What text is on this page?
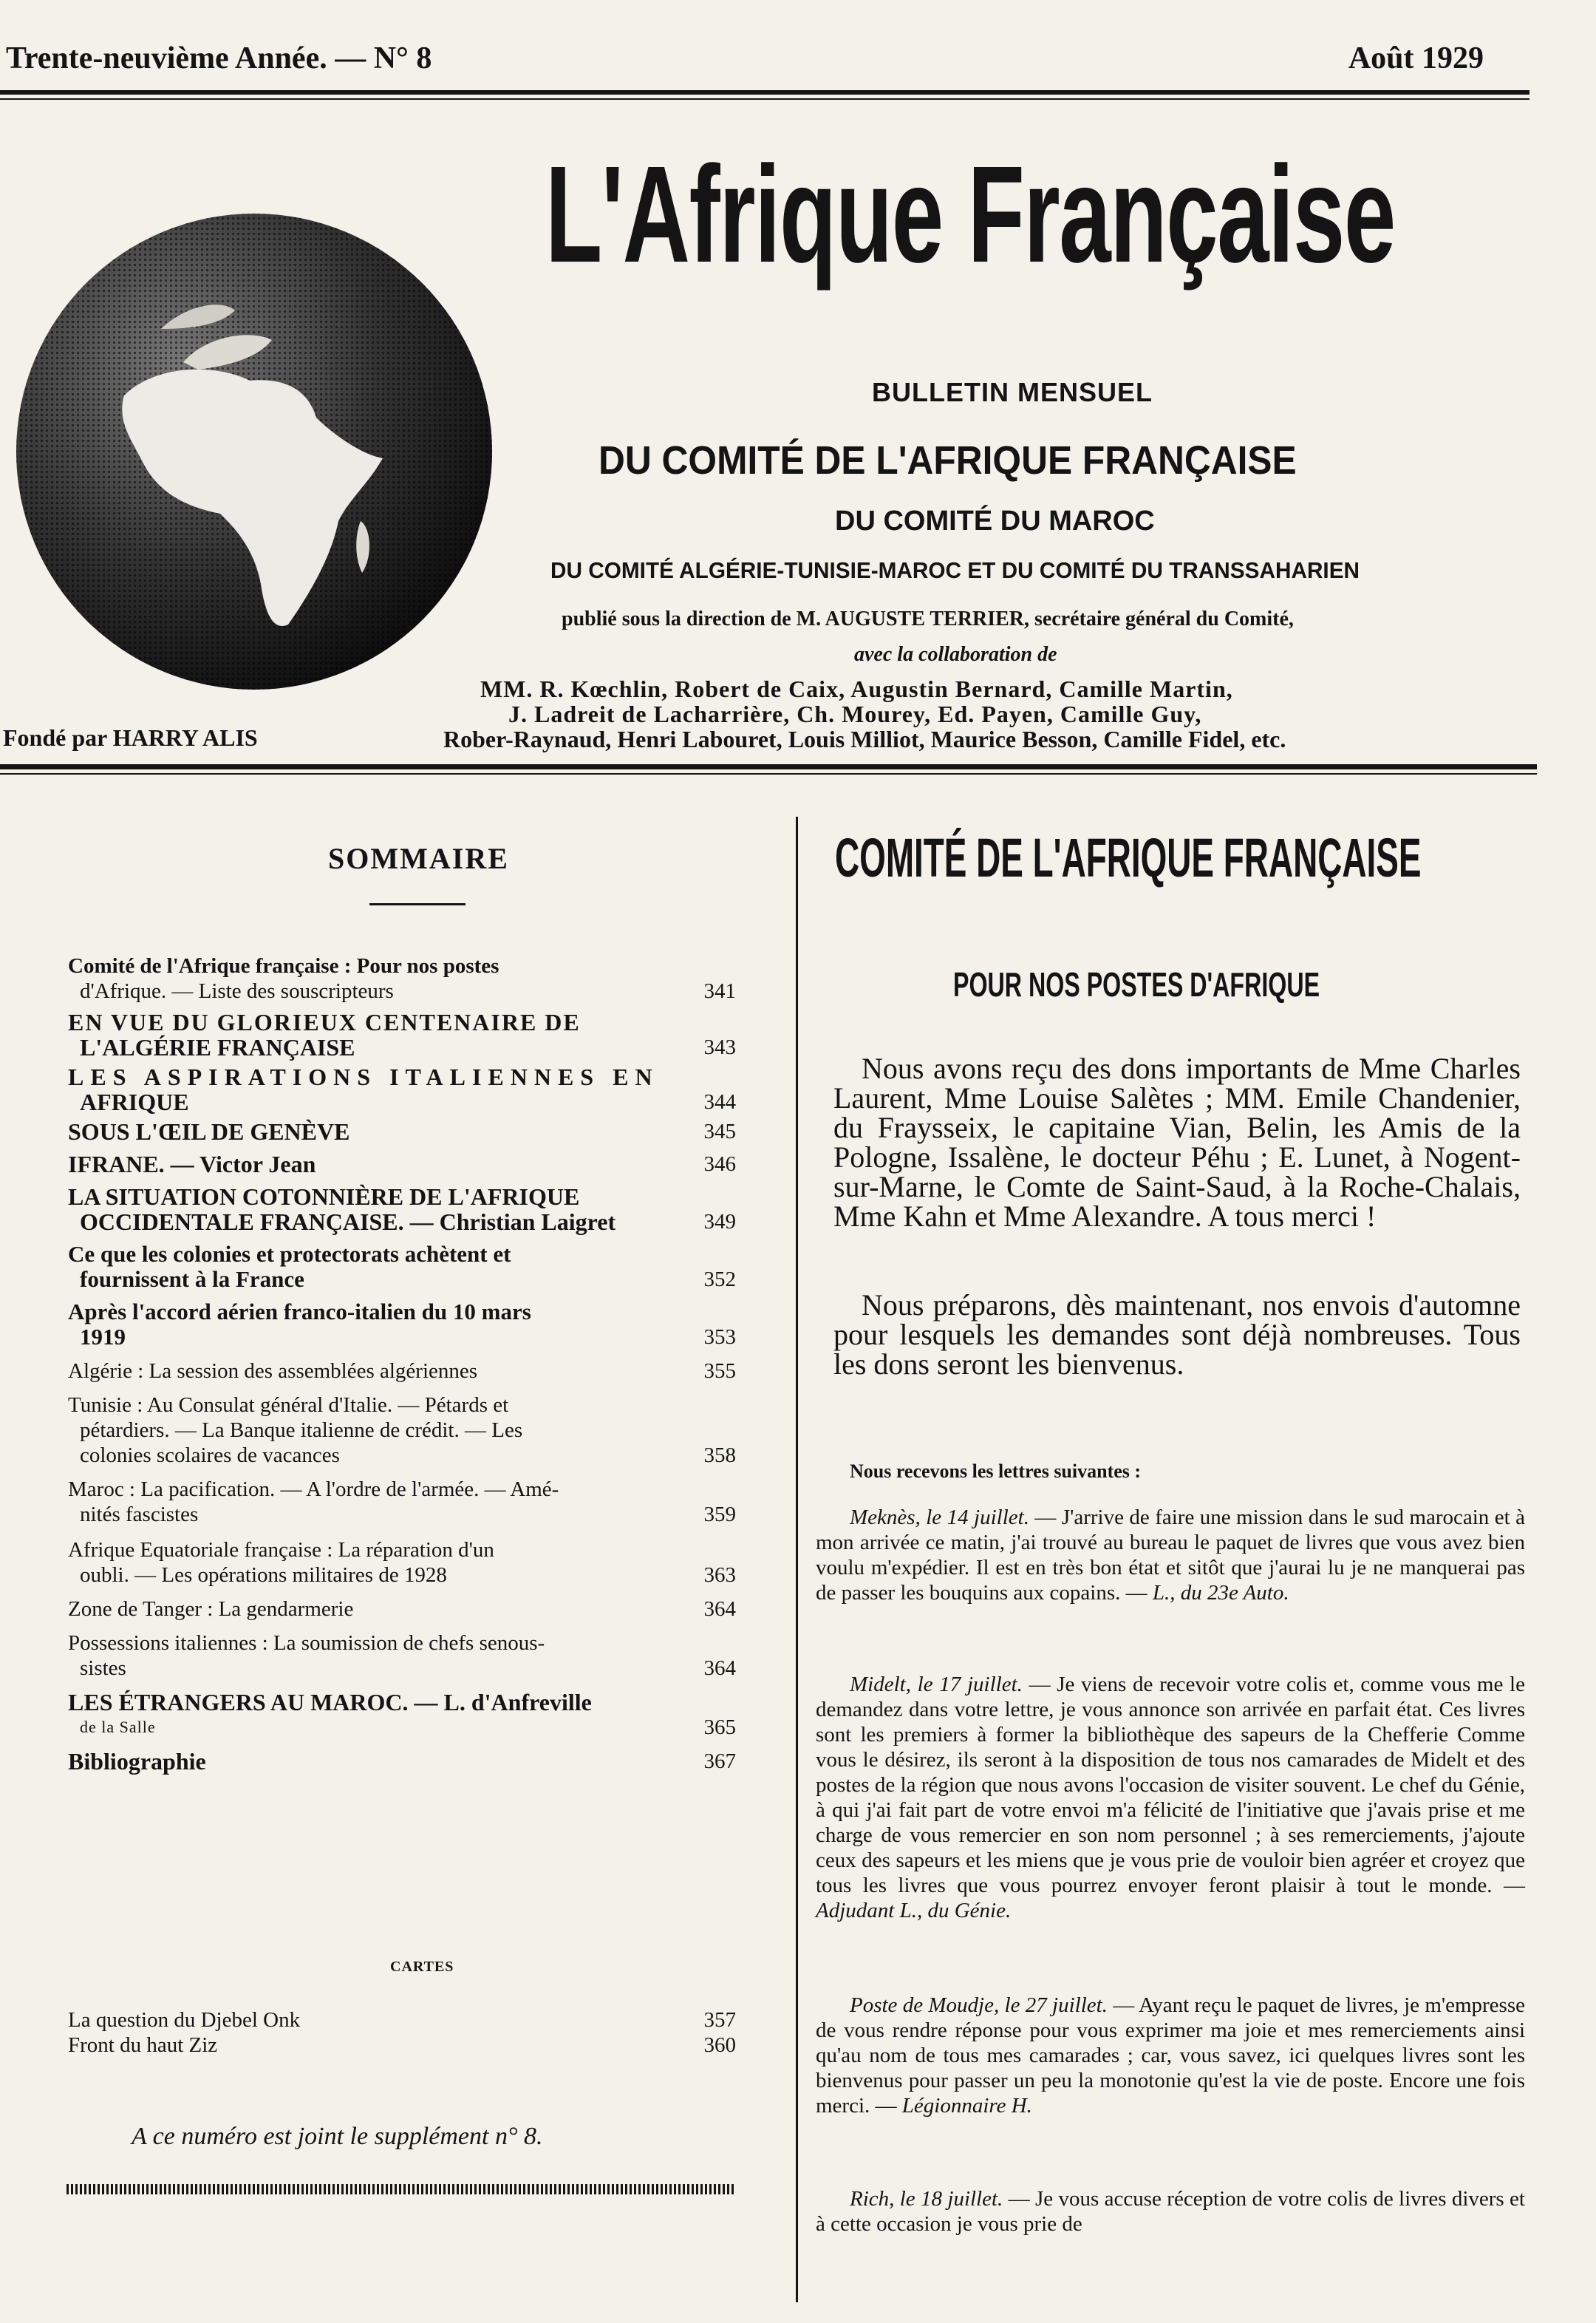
Trente-neuvième Année. — N° 8	Août 1929
L'Afrique Française
BULLETIN MENSUEL
DU COMITÉ DE L'AFRIQUE FRANÇAISE
DU COMITÉ DU MAROC
DU COMITÉ ALGÉRIE-TUNISIE-MAROC ET DU COMITÉ DU TRANSSAHARIEN
publié sous la direction de M. AUGUSTE TERRIER, secrétaire général du Comité,
avec la collaboration de
MM. R. Kœchlin, Robert de Caix, Augustin Bernard, Camille Martin,
J. Ladreit de Lacharrière, Ch. Mourey, Ed. Payen, Camille Guy,
Rober-Raynaud, Henri Labouret, Louis Milliot, Maurice Besson, Camille Fidel, etc.
Fondé par HARRY ALIS
SOMMAIRE
Comité de l'Afrique française : Pour nos postes
d'Afrique. — Liste des souscripteurs	341
EN VUE DU GLORIEUX CENTENAIRE DE
L'ALGÉRIE FRANÇAISE	343
LES ASPIRATIONS ITALIENNES EN
AFRIQUE	344
SOUS L'ŒIL DE GENÈVE	345
IFRANE. — Victor Jean	346
LA SITUATION COTONNIÈRE DE L'AFRIQUE
OCCIDENTALE FRANÇAISE. — Christian Laigret	349
Ce que les colonies et protectorats achètent et
fournissent à la France	352
Après l'accord aérien franco-italien du 10 mars
1919	353
Algérie : La session des assemblées algériennes	355
Tunisie : Au Consulat général d'Italie. — Pétards et
pétardiers. — La Banque italienne de crédit. — Les
colonies scolaires de vacances	358
Maroc : La pacification. — A l'ordre de l'armée. — Amé-
nités fascistes	359
Afrique Equatoriale française : La réparation d'un
oubli. — Les opérations militaires de 1928	363
Zone de Tanger : La gendarmerie	364
Possessions italiennes : La soumission de chefs senous-
sistes	364
LES ÉTRANGERS AU MAROC. — L. d'Anfreville
de la Salle	365
Bibliographie	367
CARTES
La question du Djebel Onk	357
Front du haut Ziz	360
A ce numéro est joint le supplément n° 8.
COMITÉ DE L'AFRIQUE FRANÇAISE
POUR NOS POSTES D'AFRIQUE
Nous avons reçu des dons importants de Mme Charles Laurent, Mme Louise Salètes ; MM. Emile Chandenier, du Fraysseix, le capitaine Vian, Belin, les Amis de la Pologne, Issalène, le docteur Péhu ; E. Lunet, à Nogent-sur-Marne, le Comte de Saint-Saud, à la Roche-Chalais, Mme Kahn et Mme Alexandre. A tous merci !
Nous préparons, dès maintenant, nos envois d'automne pour lesquels les demandes sont déjà nombreuses. Tous les dons seront les bienvenus.
Nous recevons les lettres suivantes :
Meknès, le 14 juillet. — J'arrive de faire une mission dans le sud marocain et à mon arrivée ce matin, j'ai trouvé au bureau le paquet de livres que vous avez bien voulu m'expédier. Il est en très bon état et sitôt que j'aurai lu je ne manquerai pas de passer les bouquins aux copains. — L., du 23e Auto.
Midelt, le 17 juillet. — Je viens de recevoir votre colis et, comme vous me le demandez dans votre lettre, je vous annonce son arrivée en parfait état. Ces livres sont les premiers à former la bibliothèque des sapeurs de la Chefferie Comme vous le désirez, ils seront à la disposition de tous nos camarades de Midelt et des postes de la région que nous avons l'occasion de visiter souvent. Le chef du Génie, à qui j'ai fait part de votre envoi m'a félicité de l'initiative que j'avais prise et me charge de vous remercier en son nom personnel ; à ses remerciements, j'ajoute ceux des sapeurs et les miens que je vous prie de vouloir bien agréer et croyez que tous les livres que vous pourrez envoyer feront plaisir à tout le monde. — Adjudant L., du Génie.
Poste de Moudje, le 27 juillet. — Ayant reçu le paquet de livres, je m'empresse de vous rendre réponse pour vous exprimer ma joie et mes remerciements ainsi qu'au nom de tous mes camarades ; car, vous savez, ici quelques livres sont les bienvenus pour passer un peu la monotonie qu'est la vie de poste. Encore une fois merci. — Légionnaire H.
Rich, le 18 juillet. — Je vous accuse réception de votre colis de livres divers et à cette occasion je vous prie de
